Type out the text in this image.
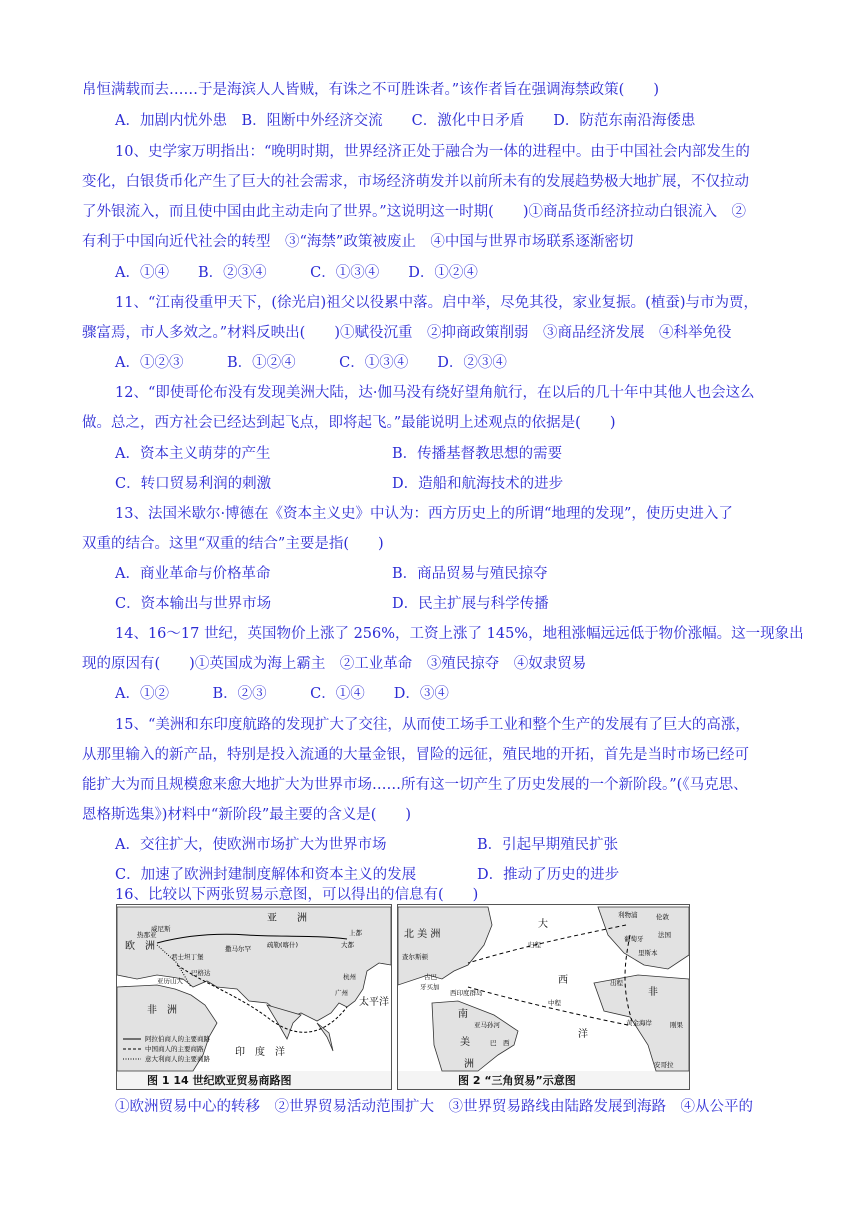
帛恒满载而去……于是海滨人人皆贼，有诛之不可胜诛者。”该作者旨在强调海禁政策(　　)
A．加剧内忧外患　B．阻断中外经济交流　　C．激化中日矛盾　　D．防范东南沿海倭患
10、史学家万明指出：“晚明时期，世界经济正处于融合为一体的进程中。由于中国社会内部发生的
变化，白银货币化产生了巨大的社会需求，市场经济萌发并以前所未有的发展趋势极大地扩展，不仅拉动
了外银流入，而且使中国由此主动走向了世界。”这说明这一时期(　　)①商品货币经济拉动白银流入　②
有利于中国向近代社会的转型　③“海禁”政策被废止　④中国与世界市场联系逐渐密切
A．①④　　B．②③④　　　C．①③④　　D．①②④
11、“江南役重甲天下，(徐光启)祖父以役累中落。启中举，尽免其役，家业复振。(植蚕)与市为贾，
骤富焉，市人多效之。”材料反映出(　　)①赋役沉重　②抑商政策削弱　③商品经济发展　④科举免役
A．①②③　　　B．①②④　　　C．①③④　　D．②③④
12、“即使哥伦布没有发现美洲大陆，达·伽马没有绕好望角航行，在以后的几十年中其他人也会这么
做。总之，西方社会已经达到起飞点，即将起飞。”最能说明上述观点的依据是(　　)
A．资本主义萌芽的产生	B．传播基督教思想的需要
C．转口贸易利润的刺激	D．造船和航海技术的进步
13、法国米歇尔·博德在《资本主义史》中认为：西方历史上的所谓“地理的发现”，使历史进入了
双重的结合。这里“双重的结合”主要是指(　　)
A．商业革命与价格革命	B．商品贸易与殖民掠夺
C．资本输出与世界市场	D．民主扩展与科学传播
14、16～17 世纪，英国物价上涨了 256%，工资上涨了 145%，地租涨幅远远低于物价涨幅。这一现象出
现的原因有(　　)①英国成为海上霸主　②工业革命　③殖民掠夺　④奴隶贸易
A．①②　　　B．②③　　　C．①④　　D．③④
15、“美洲和东印度航路的发现扩大了交往，从而使工场手工业和整个生产的发展有了巨大的高涨，
从那里输入的新产品，特别是投入流通的大量金银，冒险的远征，殖民地的开拓，首先是当时市场已经可
能扩大为而且规模愈来愈大地扩大为世界市场……所有这一切产生了历史发展的一个新阶段。”(《马克思、
恩格斯选集》)材料中“新阶段”最主要的含义是(　　)
A．交往扩大，使欧洲市场扩大为世界市场	B．引起早期殖民扩张
C．加速了欧洲封建制度解体和资本主义的发展	D．推动了历史的进步
16、比较以下两张贸易示意图，可以得出的信息有(　　)
亚　　洲
欧　洲
非　洲
印　度　洋
太平洋
上都
大都
杭州
广州
疏勒(喀什)
撒马尔罕
威尼斯
热那亚
君士坦丁堡
巴格达
亚历山大
阿拉伯商人的主要商路
中国商人的主要商路
意大利商人的主要商路
图 1 14 世纪欧亚贸易商路图
北 美 洲
大
西
洋
南
美
洲
非
利物浦	伦敦
法国
葡萄牙
里斯本
查尔斯顿
古巴
牙买加
西印度群岛
亚马孙河
巴　西
黄金海岸	刚果
安哥拉
归程
出程
中程
图 2 “三角贸易”示意图
①欧洲贸易中心的转移　②世界贸易活动范围扩大　③世界贸易路线由陆路发展到海路　④从公平的
